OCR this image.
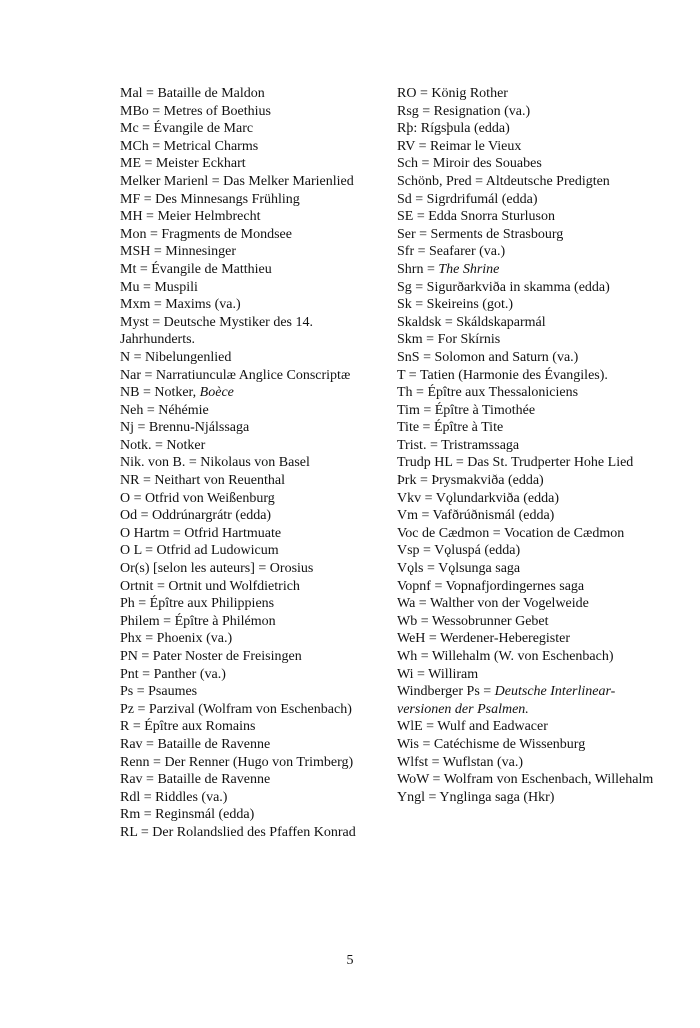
Mal = Bataille de Maldon
MBo = Metres of Boethius
Mc = Évangile de Marc
MCh = Metrical Charms
ME = Meister Eckhart
Melker Marienl = Das Melker Marienlied
MF = Des Minnesangs Frühling
MH = Meier Helmbrecht
Mon = Fragments de Mondsee
MSH = Minnesinger
Mt = Évangile de Matthieu
Mu = Muspili
Mxm = Maxims (va.)
Myst = Deutsche Mystiker des 14. Jahrhunderts.
N = Nibelungenlied
Nar = Narratiunculæ Anglice Conscriptæ
NB = Notker, Boèce
Neh = Néhémie
Nj = Brennu-Njálssaga
Notk. = Notker
Nik. von B. = Nikolaus von Basel
NR = Neithart von Reuenthal
O = Otfrid von Weißenburg
Od = Oddrúnargrátr (edda)
O Hartm = Otfrid Hartmuate
O L = Otfrid ad Ludowicum
Or(s) [selon les auteurs] = Orosius
Ortnit = Ortnit und Wolfdietrich
Ph = Épître aux Philippiens
Philem = Épître à Philémon
Phx = Phoenix (va.)
PN = Pater Noster de Freisingen
Pnt = Panther (va.)
Ps = Psaumes
Pz = Parzival (Wolfram von Eschenbach)
R = Épître aux Romains
Rav = Bataille de Ravenne
Renn = Der Renner (Hugo von Trimberg)
Rav = Bataille de Ravenne
Rdl = Riddles (va.)
Rm = Reginsmál (edda)
RL = Der Rolandslied des Pfaffen Konrad
RO = König Rother
Rsg = Resignation (va.)
Rþ: Rígsþula (edda)
RV = Reimar le Vieux
Sch = Miroir des Souabes
Schönb, Pred = Altdeutsche Predigten
Sd = Sigrdrifumál (edda)
SE = Edda Snorra Sturluson
Ser = Serments de Strasbourg
Sfr = Seafarer (va.)
Shrn = The Shrine
Sg = Sigurðarkviða in skamma (edda)
Sk = Skeireins (got.)
Skaldsk = Skáldskaparmál
Skm = For Skírnis
SnS = Solomon and Saturn (va.)
T = Tatien (Harmonie des Évangiles).
Th = Épître aux Thessaloniciens
Tim = Épître à Timothée
Tite = Épître à Tite
Trist. = Tristramssaga
Trudp HL = Das St. Trudperter Hohe Lied
Þrk = Þrysmakviða (edda)
Vkv = Vǫlundarkviða (edda)
Vm = Vafðrúðnismál (edda)
Voc de Cædmon = Vocation de Cædmon
Vsp = Vǫluspá (edda)
Vǫls = Vǫlsunga saga
Vopnf = Vopnafjordingernes saga
Wa = Walther von der Vogelweide
Wb = Wessobrunner Gebet
WeH = Werdener-Heberegister
Wh = Willehalm (W. von Eschenbach)
Wi = Williram
Windberger Ps = Deutsche Interlinear-versionen der Psalmen.
WlE = Wulf and Eadwacer
Wis = Catéchisme de Wissenburg
Wlfst = Wuflstan (va.)
WoW = Wolfram von Eschenbach, Willehalm
Yngl = Ynglinga saga (Hkr)
5
